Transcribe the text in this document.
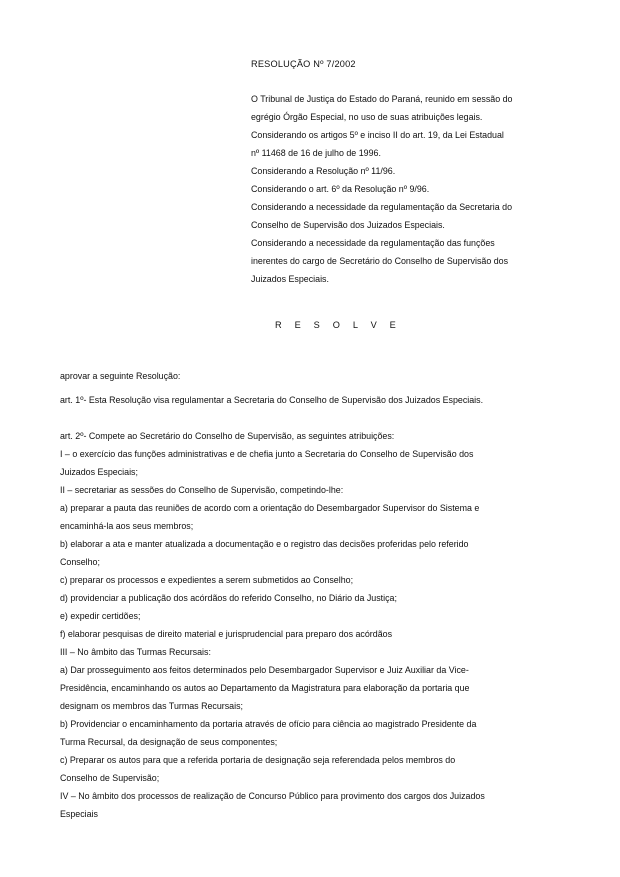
RESOLUÇÃO Nº 7/2002
O Tribunal de Justiça do Estado do Paraná, reunido em sessão do
egrégio Órgão Especial, no uso de suas atribuições legais.
Considerando os artigos 5º e inciso II do art. 19, da Lei Estadual
nº 11468 de 16 de julho de 1996.
Considerando a Resolução nº 11/96.
Considerando o art. 6º da Resolução nº 9/96.
Considerando a necessidade da regulamentação da Secretaria do
Conselho de Supervisão dos Juizados Especiais.
Considerando a necessidade da regulamentação das funções
inerentes do cargo de Secretário do Conselho de Supervisão dos
Juizados Especiais.
R E S O L V E
aprovar a seguinte Resolução:
art. 1º- Esta Resolução visa regulamentar a Secretaria do Conselho de Supervisão dos Juizados Especiais.
art. 2º- Compete ao Secretário do Conselho de Supervisão, as seguintes atribuições:
I – o exercício das funções administrativas e de chefia junto a Secretaria do Conselho de Supervisão dos
Juizados Especiais;
II – secretariar as sessões do Conselho de Supervisão, competindo-lhe:
a) preparar a pauta das reuniões de acordo com a orientação do Desembargador Supervisor do Sistema e
encaminhá-la aos seus membros;
b) elaborar a ata e manter atualizada a documentação e o registro das decisões proferidas pelo referido
Conselho;
c) preparar os processos e expedientes a serem submetidos ao Conselho;
d) providenciar a publicação dos acórdãos do referido Conselho, no Diário da Justiça;
e) expedir certidões;
f) elaborar pesquisas de direito material e jurisprudencial para preparo dos acórdãos
III – No âmbito das Turmas Recursais:
a) Dar prosseguimento aos feitos determinados pelo Desembargador Supervisor e Juiz Auxiliar da Vice-
Presidência, encaminhando os autos ao Departamento da Magistratura para elaboração da portaria que
designam os membros das Turmas Recursais;
b) Providenciar o encaminhamento da portaria através de ofício para ciência ao magistrado Presidente da
Turma Recursal, da designação de seus componentes;
c) Preparar os autos para que a referida portaria de designação seja referendada pelos membros do
Conselho de Supervisão;
IV – No âmbito dos processos de realização de Concurso Público para provimento dos cargos dos Juizados
Especiais
